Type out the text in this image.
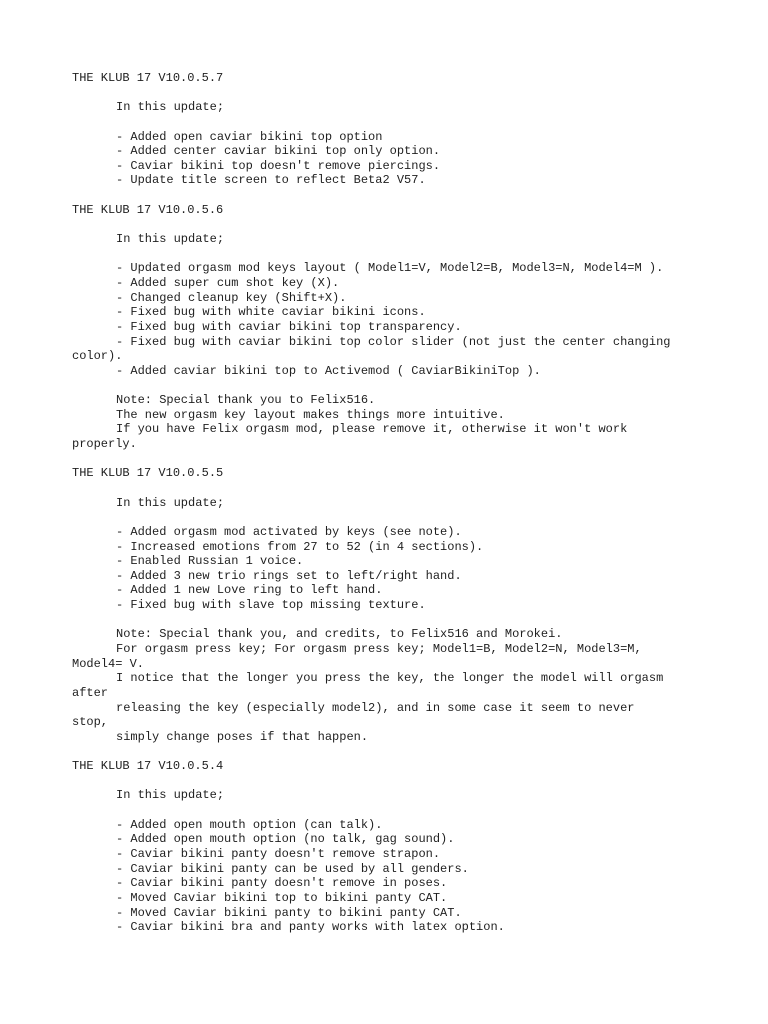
THE KLUB 17 V10.0.5.7
In this update;
- Added open caviar bikini top option
- Added center caviar bikini top only option.
- Caviar bikini top doesn't remove piercings.
- Update title screen to reflect Beta2 V57.
THE KLUB 17 V10.0.5.6
In this update;
- Updated orgasm mod keys layout ( Model1=V, Model2=B, Model3=N, Model4=M ).
- Added super cum shot key (X).
- Changed cleanup key (Shift+X).
- Fixed bug with white caviar bikini icons.
- Fixed bug with caviar bikini top transparency.
- Fixed bug with caviar bikini top color slider (not just the center changing
color).
- Added caviar bikini top to Activemod ( CaviarBikiniTop ).
Note: Special thank you to Felix516.
The new orgasm key layout makes things more intuitive.
If you have Felix orgasm mod, please remove it, otherwise it won't work
properly.
THE KLUB 17 V10.0.5.5
In this update;
- Added orgasm mod activated by keys (see note).
- Increased emotions from 27 to 52 (in 4 sections).
- Enabled Russian 1 voice.
- Added 3 new trio rings set to left/right hand.
- Added 1 new Love ring to left hand.
- Fixed bug with slave top missing texture.
Note: Special thank you, and credits, to Felix516 and Morokei.
For orgasm press key; For orgasm press key; Model1=B, Model2=N, Model3=M,
Model4= V.
I notice that the longer you press the key, the longer the model will orgasm
after
releasing the key (especially model2), and in some case it seem to never
stop,
simply change poses if that happen.
THE KLUB 17 V10.0.5.4
In this update;
- Added open mouth option (can talk).
- Added open mouth option (no talk, gag sound).
- Caviar bikini panty doesn't remove strapon.
- Caviar bikini panty can be used by all genders.
- Caviar bikini panty doesn't remove in poses.
- Moved Caviar bikini top to bikini panty CAT.
- Moved Caviar bikini panty to bikini panty CAT.
- Caviar bikini bra and panty works with latex option.
